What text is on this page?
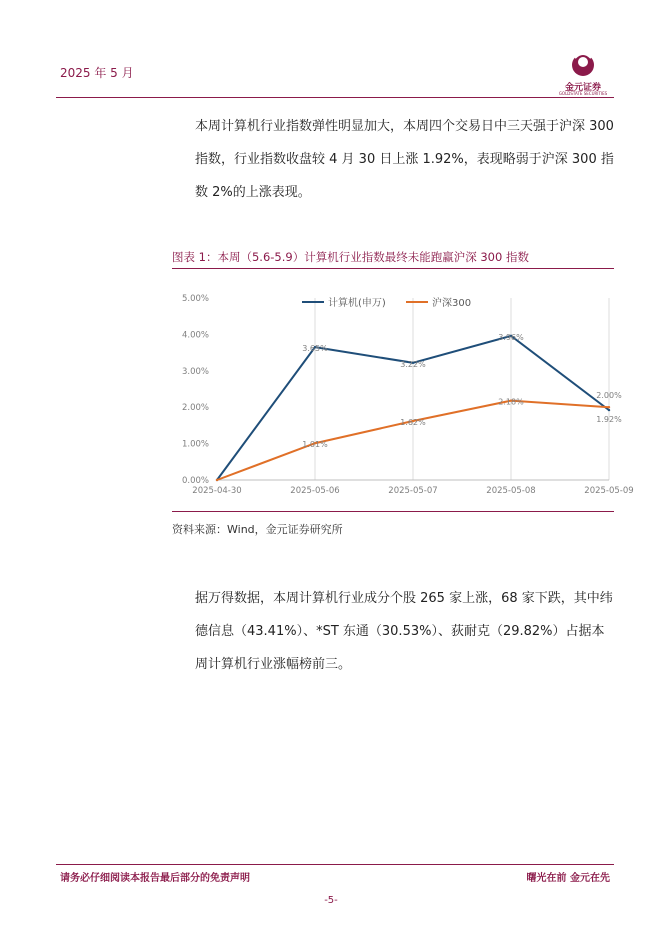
2025 年 5 月
金元证券
GOLDSTATE SECURITIES
本周计算机行业指数弹性明显加大，本周四个交易日中三天强于沪深 300 指数，行业指数收盘较 4 月 30 日上涨 1.92%，表现略弱于沪深 300 指数 2%的上涨表现。
图表 1：本周（5.6-5.9）计算机行业指数最终未能跑赢沪深 300 指数
0.00%
1.00%
2.00%
3.00%
4.00%
5.00%
2025-04-30	2025-05-06	2025-05-07	2025-05-08	2025-05-09
3.65%
3.22%
3.96%
1.92%
1.01%
1.62%
2.18%
2.00%
计算机(申万)	沪深300
资料来源：Wind，金元证券研究所
据万得数据，本周计算机行业成分个股 265 家上涨，68 家下跌，其中纬德信息（43.41%）、*ST 东通（30.53%）、荻耐克（29.82%）占据本周计算机行业涨幅榜前三。
请务必仔细阅读本报告最后部分的免责声明	曙光在前 金元在先
-5-
